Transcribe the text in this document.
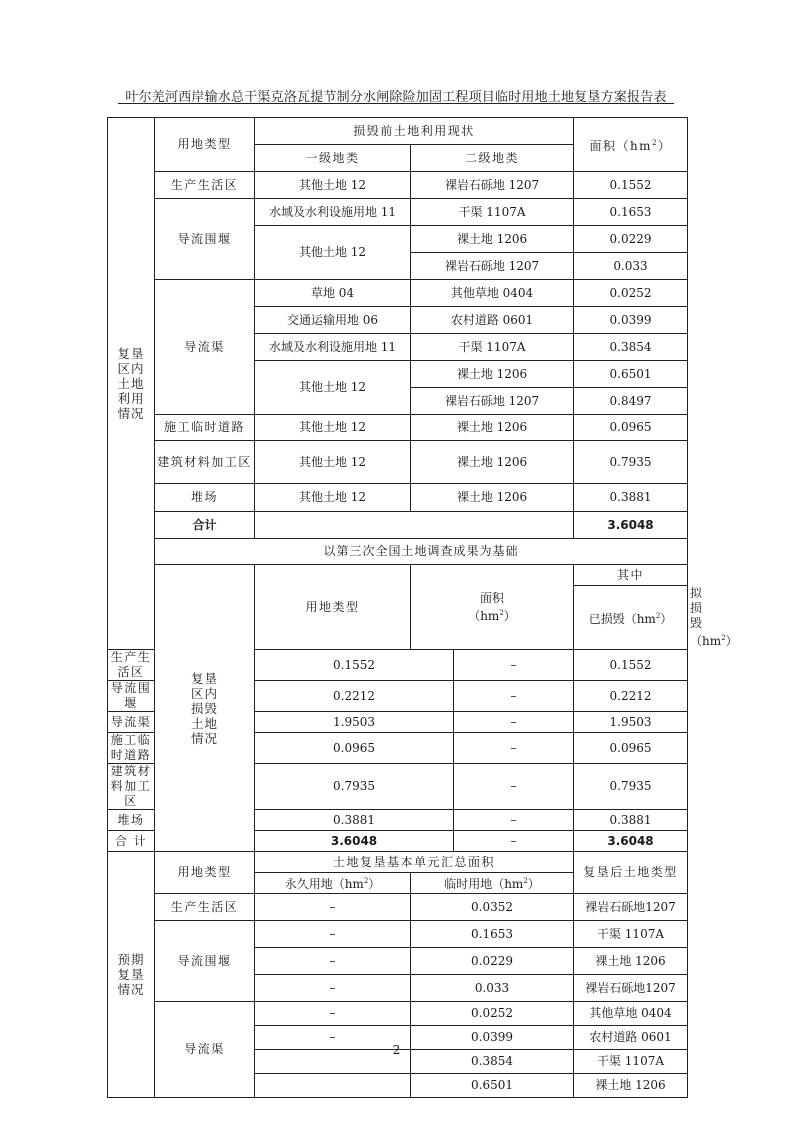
叶尔羌河西岸输水总干渠克洛瓦提节制分水闸除险加固工程项目临时用地土地复垦方案报告表
复垦
区内
土地
利用
情况	用地类型	损毁前土地利用现状			面积$(hm^2)$	
		一级地类	二级地类			
	生产生活区	其他土地 12	裸岩石砾地 1207		0.1552	
	导流围堰	水域及水利设施用地 11	干渠 1107A		0.1653	
		其他土地 12	裸土地 1206		0.0229	
			裸岩石砾地 1207		0.033	
	导流渠	草地 04	其他草地 0404		0.0252	
		交通运输用地 06	农村道路 0601		0.0399	
		水域及水利设施用地 11	干渠 1107A		0.3854	
		其他土地 12	裸土地 1206		0.6501	
			裸岩石砾地 1207		0.8497	
	施工临时道路	其他土地 12	裸土地 1206		0.0965	
	建筑材料加工区	其他土地 12	裸土地 1206		0.7935	
	堆场	其他土地 12	裸土地 1206		0.3881	
	合计				3.6048	
	以第三次全国土地调查成果为基础					
	复垦
区内
损毁
土地
情况	用地类型	面积
$(hm^2)$		其中	
					已损毁$(hm^2)$	拟损毁$(hm^2)$
生产生活区		0.1552		–	0.1552	
导流围堰		0.2212		–	0.2212	
导流渠		1.9503		–	1.9503	
施工临时道路		0.0965		–	0.0965	
建筑材料加工区		0.7935		–	0.7935	
堆场		0.3881		–	0.3881	
合 计		3.6048		–	3.6048	
预期
复垦
情况	用地类型	土地复垦基本单元汇总面积			复垦后土地类型	
		永久用地$(hm^2)$	临时用地$(hm^2)$			
	生产生活区	–	0.0352		裸岩石砾地1207	
	导流围堰	–	0.1653		干渠 1107A	
		–	0.0229		裸土地 1206	
		–	0.033		裸岩石砾地1207	
	导流渠	–	0.0252		其他草地 0404	
		–	0.0399		农村道路 0601	
			0.3854		干渠 1107A	
			0.6501		裸土地 1206	
2
